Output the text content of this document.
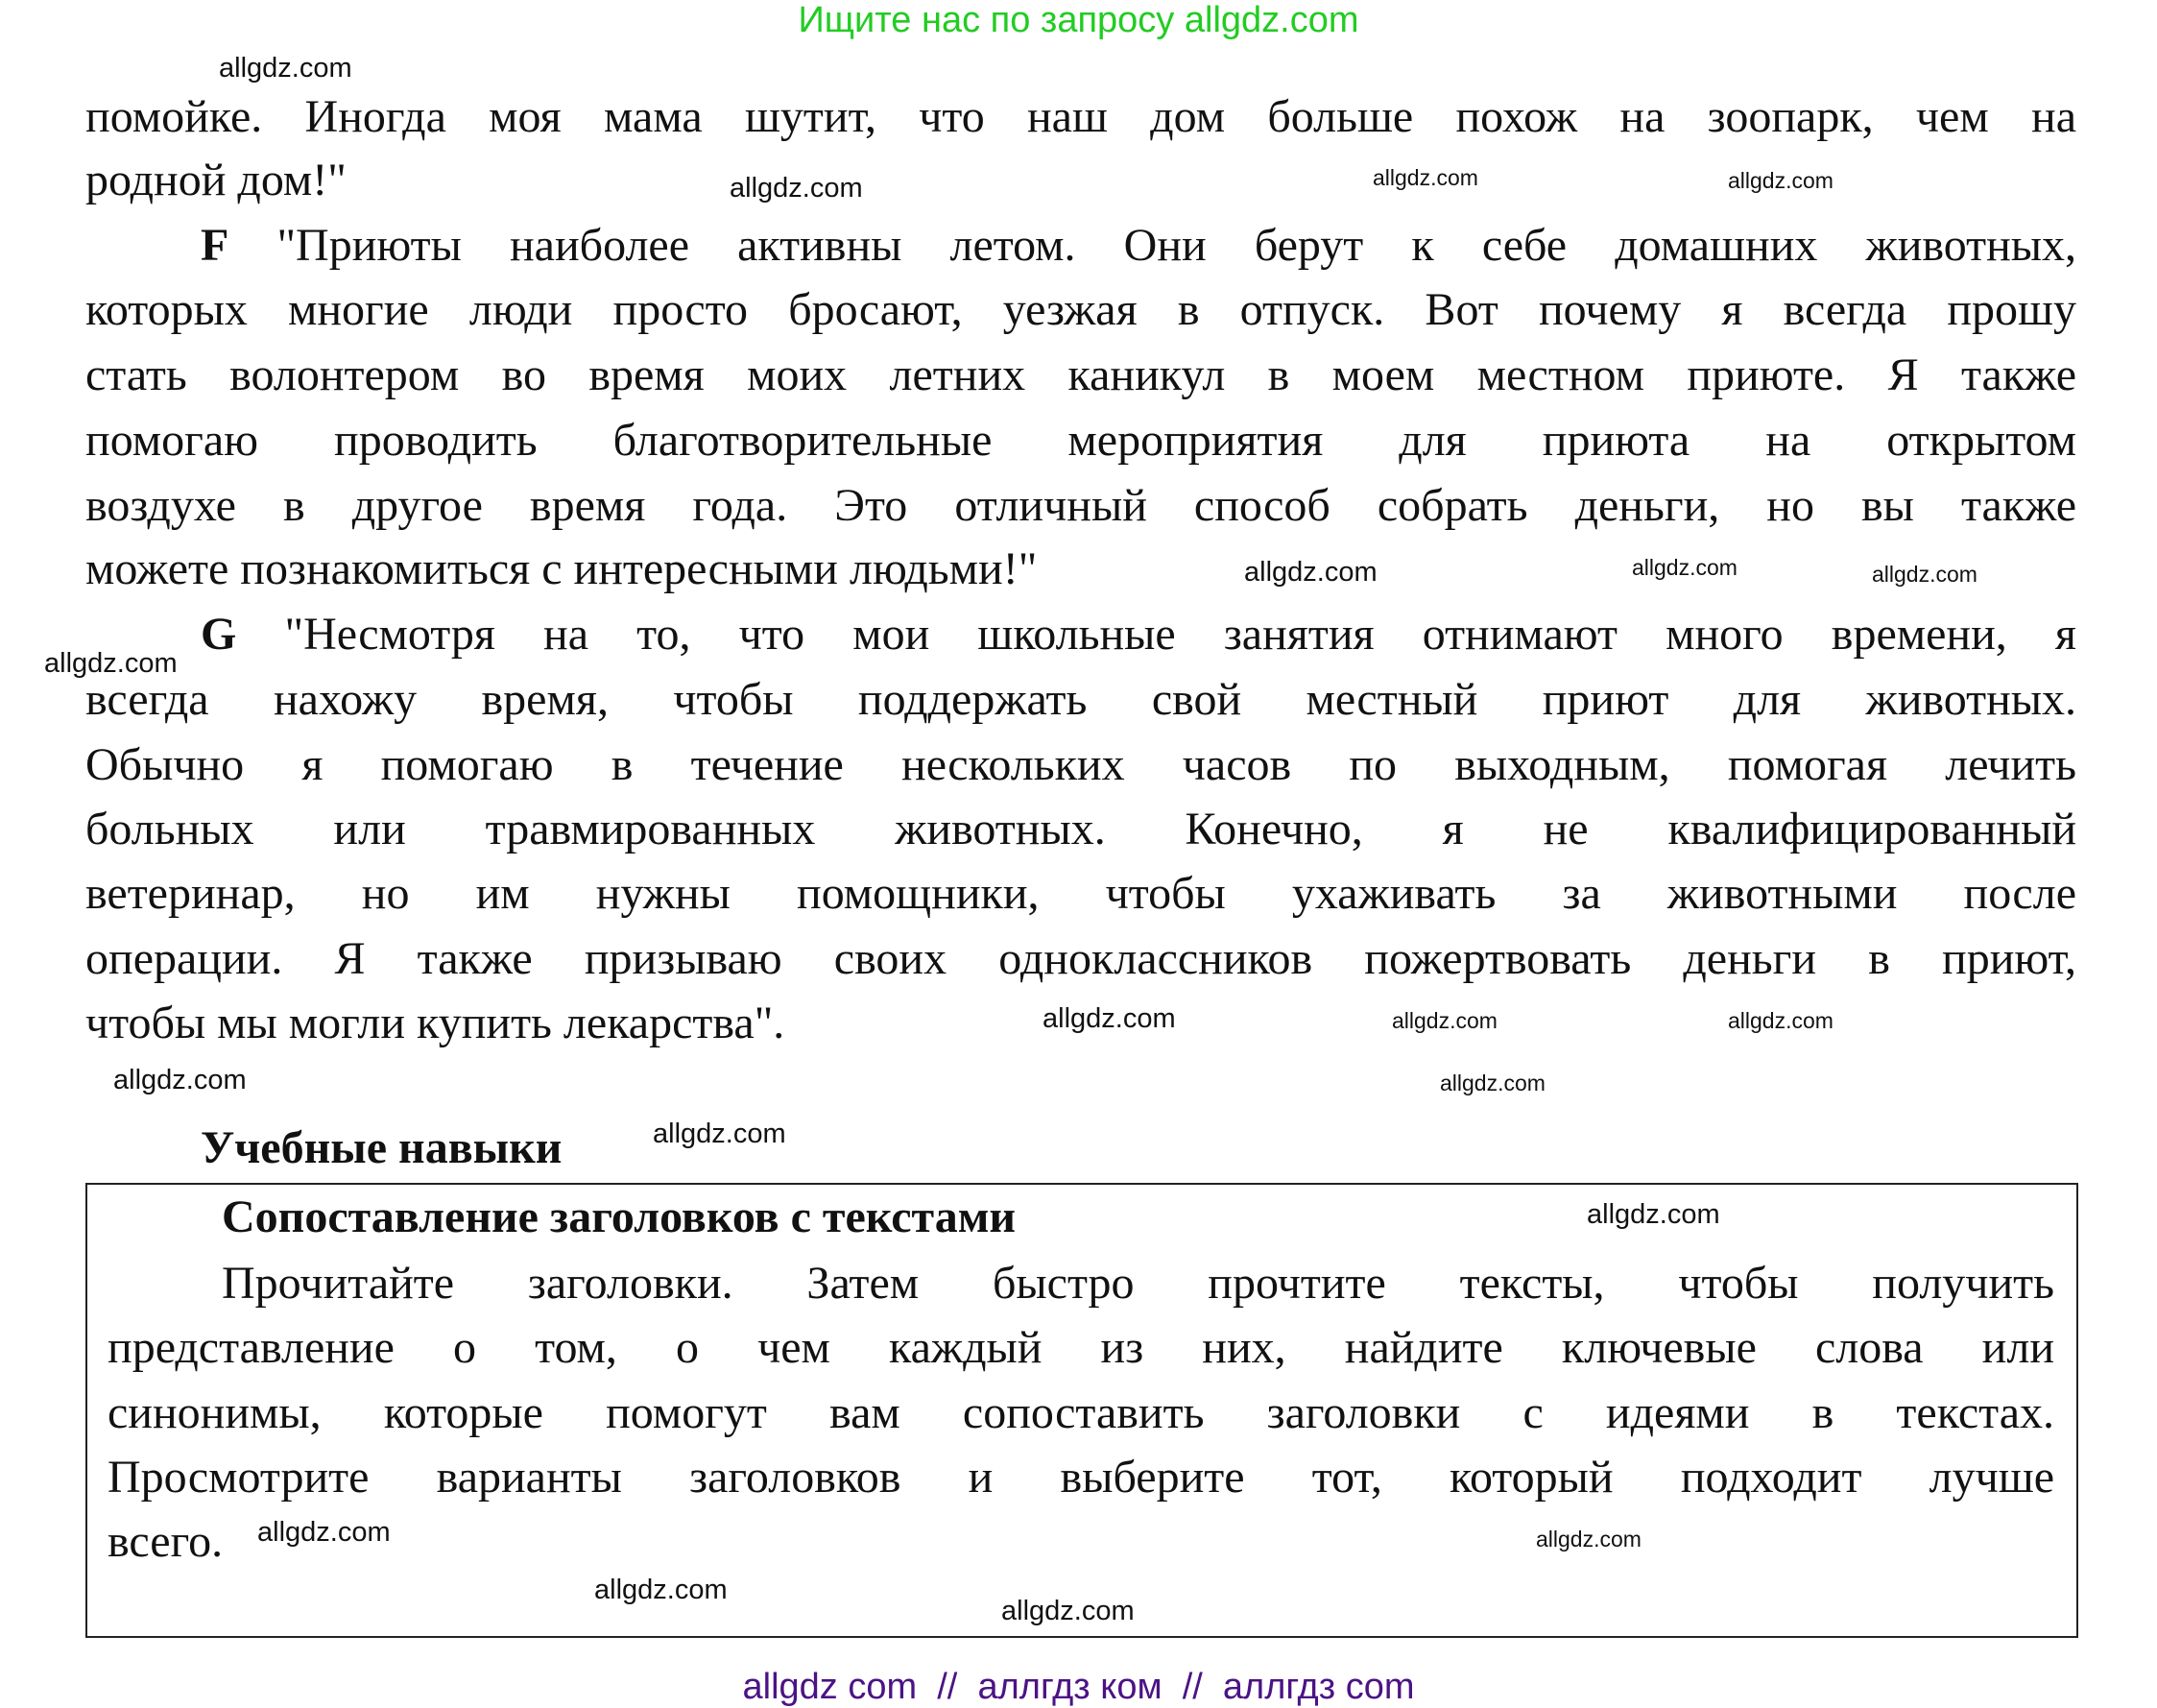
Ищите нас по запросу allgdz.com
помойке. Иногда моя мама шутит, что наш дом больше похож на зоопарк, чем на
родной дом!"
F "Приюты наиболее активны летом. Они берут к себе домашних животных,
которых многие люди просто бросают, уезжая в отпуск. Вот почему я всегда прошу
стать волонтером во время моих летних каникул в моем местном приюте. Я также
помогаю проводить благотворительные мероприятия для приюта на открытом
воздухе в другое время года. Это отличный способ собрать деньги, но вы также
можете познакомиться с интересными людьми!"
G "Несмотря на то, что мои школьные занятия отнимают много времени, я
всегда нахожу время, чтобы поддержать свой местный приют для животных.
Обычно я помогаю в течение нескольких часов по выходным, помогая лечить
больных или травмированных животных. Конечно, я не квалифицированный
ветеринар, но им нужны помощники, чтобы ухаживать за животными после
операции. Я также призываю своих одноклассников пожертвовать деньги в приют,
чтобы мы могли купить лекарства".
Учебные навыки
Сопоставление заголовков с текстами
Прочитайте заголовки. Затем быстро прочтите тексты, чтобы получить
представление о том, о чем каждый из них, найдите ключевые слова или
синонимы, которые помогут вам сопоставить заголовки с идеями в текстах.
Просмотрите варианты заголовков и выберите тот, который подходит лучше
всего.
allgdz.com
allgdz.com
allgdz.com	allgdz.com
allgdz.com	allgdz.com
allgdz.com
allgdz.com
allgdz.com	allgdz.com
allgdz.com
allgdz.com
allgdz.com
allgdz.com
allgdz.com
allgdz.com
allgdz.com
allgdz.com
allgdz.com
allgdz com  //  аллгдз ком  //  аллгдз com
